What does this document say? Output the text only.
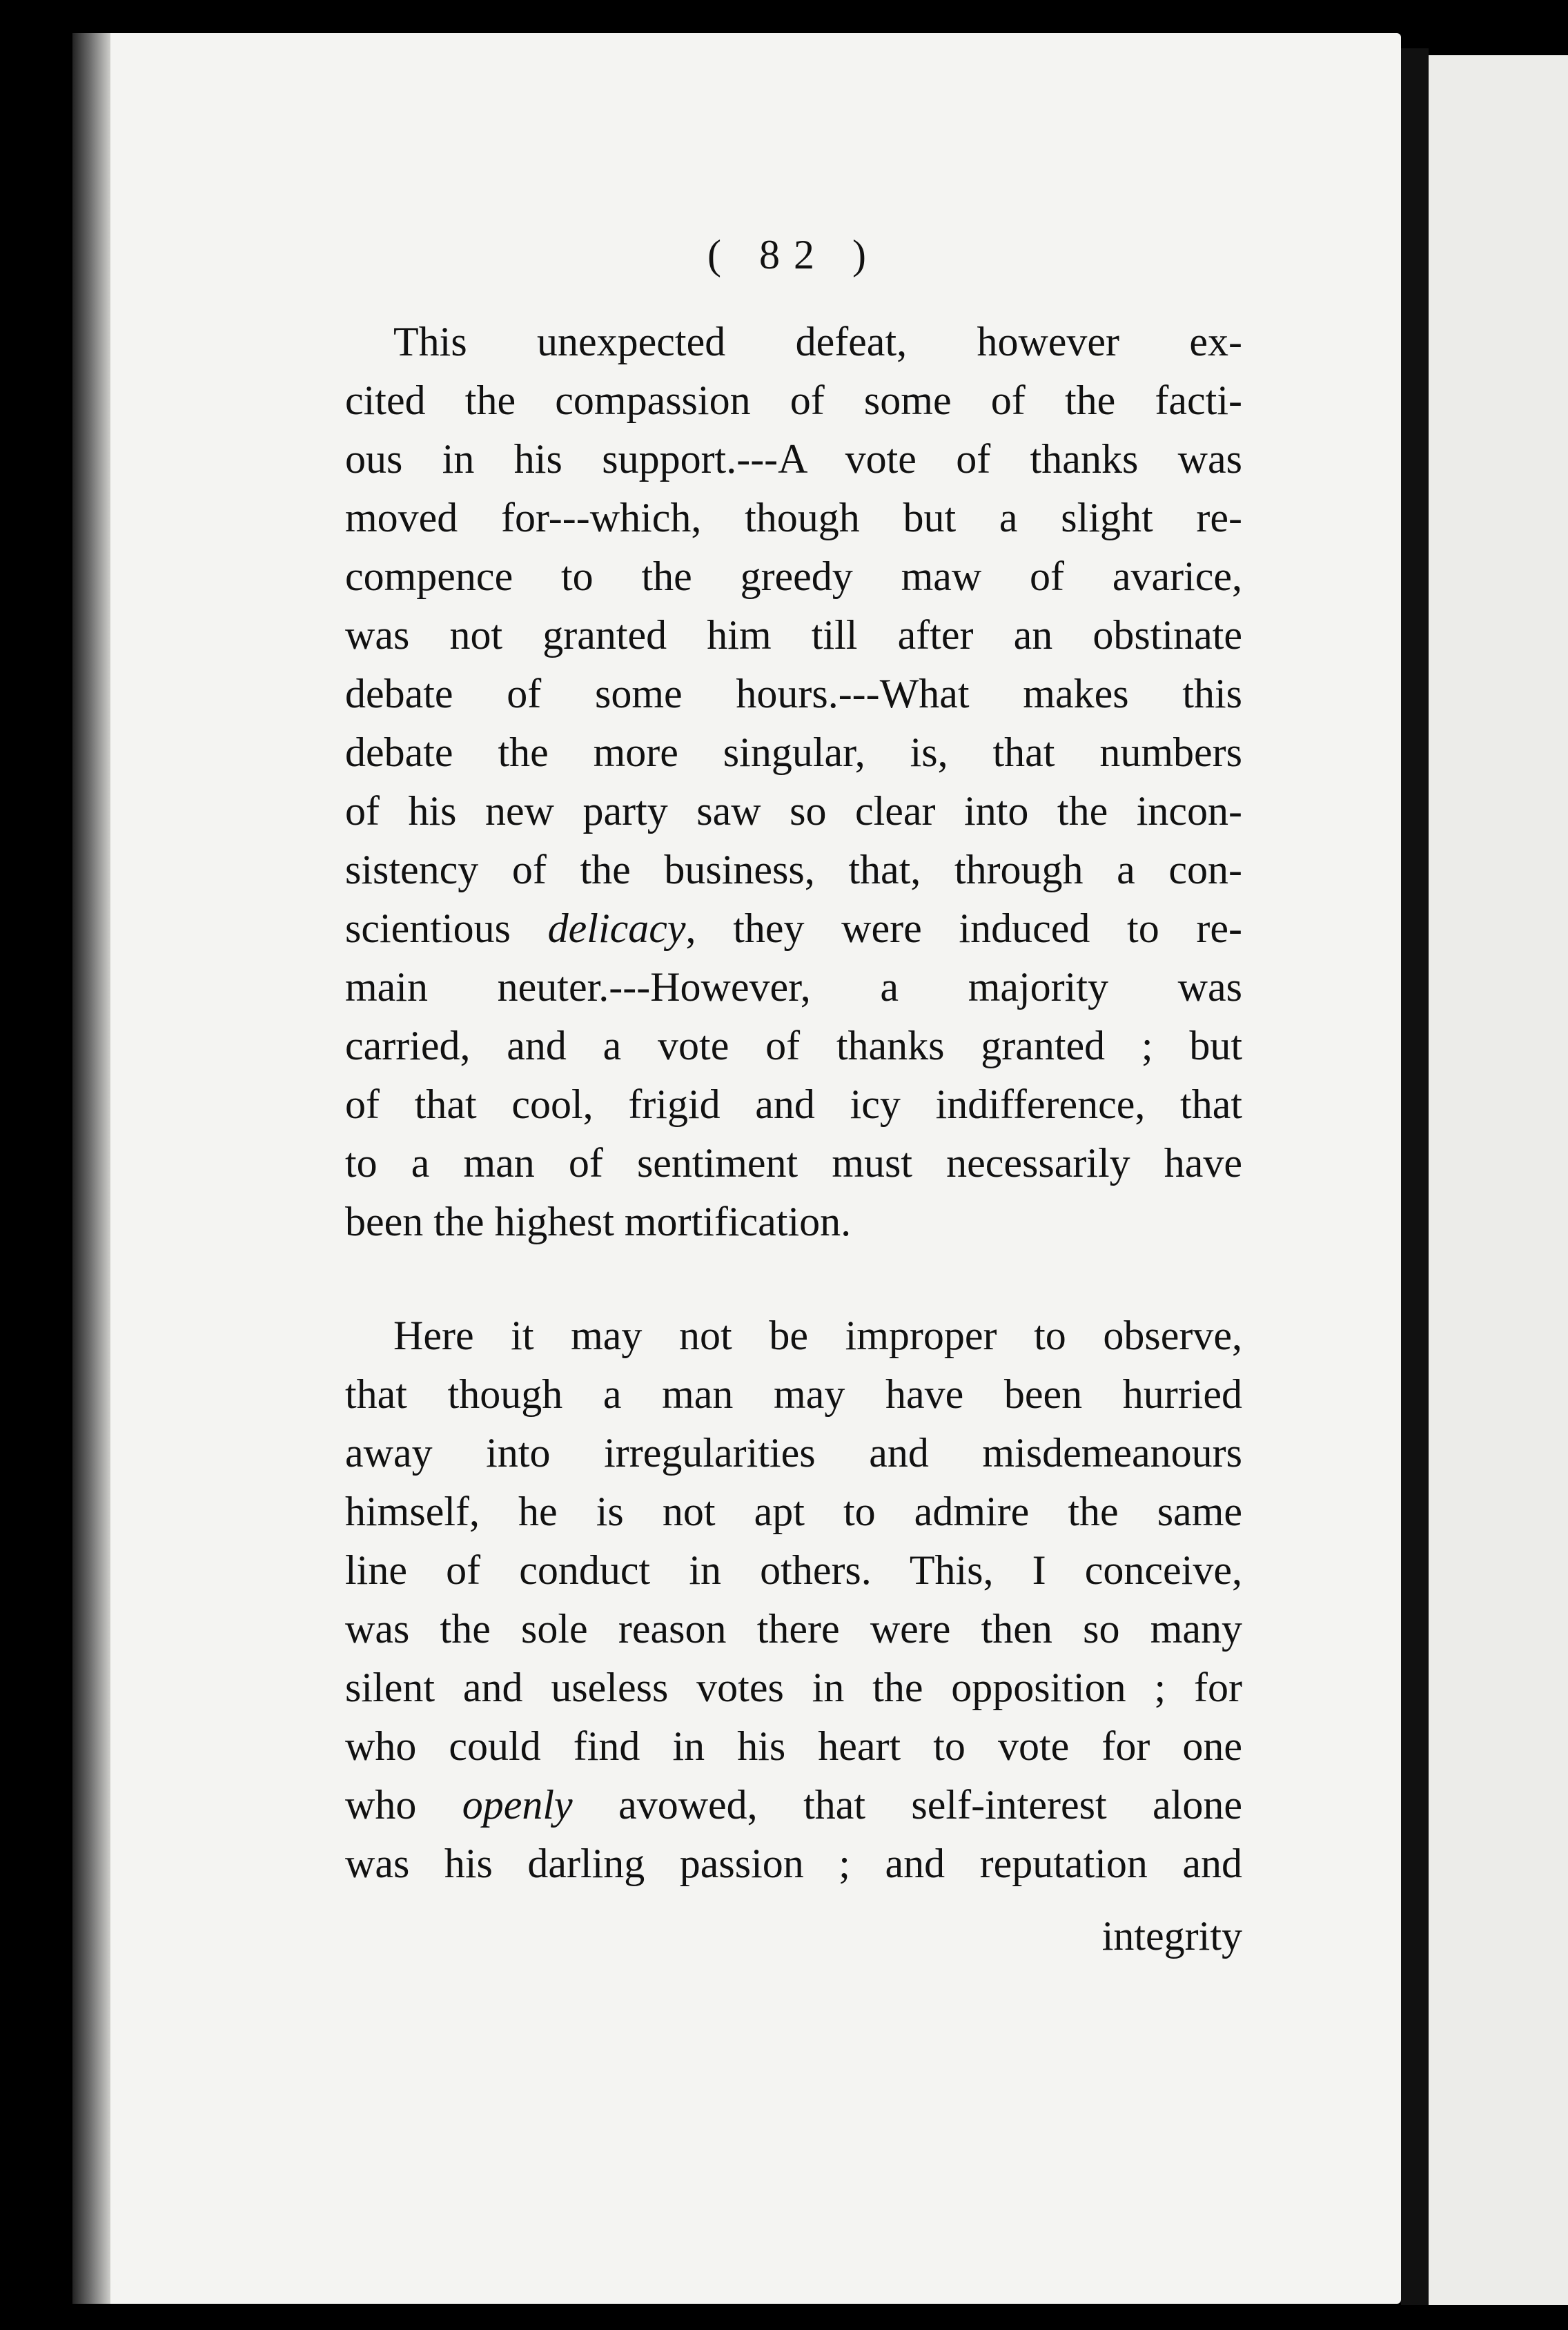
( 82 )
This unexpected defeat, however ex-
cited the compassion of some of the facti-
ous in his support.---A vote of thanks was
moved for---which, though but a slight re-
compence to the greedy maw of avarice,
was not granted him till after an obstinate
debate of some hours.---What makes this
debate the more singular, is, that numbers
of his new party saw so clear into the incon-
sistency of the business, that, through a con-
scientious delicacy, they were induced to re-
main neuter.---However, a majority was
carried, and a vote of thanks granted ; but
of that cool, frigid and icy indifference, that
to a man of sentiment must necessarily have
been the highest mortification.
Here it may not be improper to observe,
that though a man may have been hurried
away into irregularities and misdemeanours
himself, he is not apt to admire the same
line of conduct in others. This, I conceive,
was the sole reason there were then so many
silent and useless votes in the opposition ; for
who could find in his heart to vote for one
who openly avowed, that self-interest alone
was his darling passion ; and reputation and
integrity
